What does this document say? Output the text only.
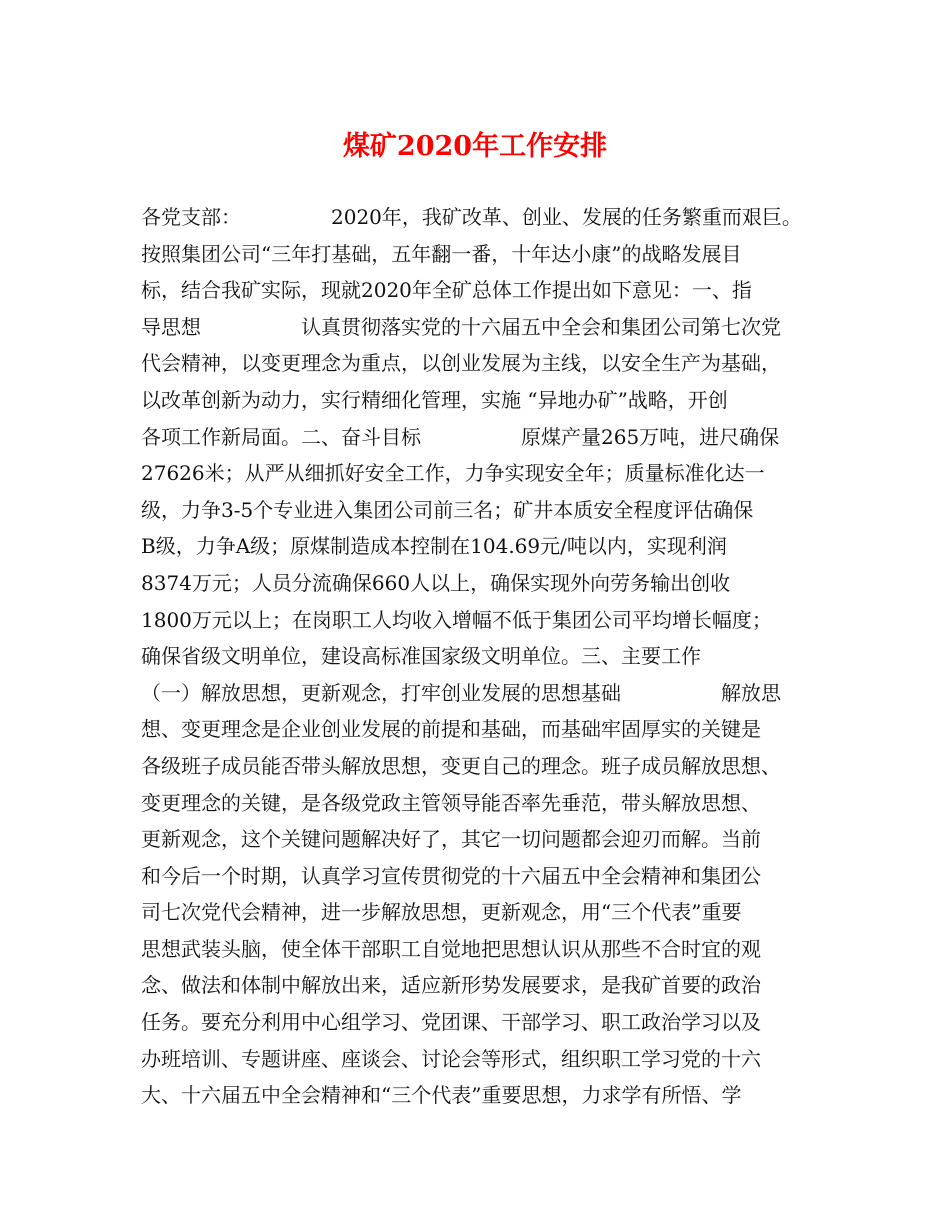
煤矿2020年工作安排
各党支部：　　　　　2020年，我矿改革、创业、发展的任务繁重而艰巨。
按照集团公司“三年打基础，五年翻一番，十年达小康”的战略发展目
标，结合我矿实际，现就2020年全矿总体工作提出如下意见：一、指
导思想　　　　　认真贯彻落实党的十六届五中全会和集团公司第七次党
代会精神，以变更理念为重点，以创业发展为主线，以安全生产为基础，
以改革创新为动力，实行精细化管理，实施 “异地办矿”战略，开创
各项工作新局面。二、奋斗目标　　　　　原煤产量265万吨，进尺确保
27626米；从严从细抓好安全工作，力争实现安全年；质量标准化达一
级，力争3-5个专业进入集团公司前三名；矿井本质安全程度评估确保
B级，力争A级；原煤制造成本控制在104.69元/吨以内，实现利润
8374万元；人员分流确保660人以上，确保实现外向劳务输出创收
1800万元以上；在岗职工人均收入增幅不低于集团公司平均增长幅度；
确保省级文明单位，建设高标准国家级文明单位。三、主要工作
（一）解放思想，更新观念，打牢创业发展的思想基础　　　　　解放思
想、变更理念是企业创业发展的前提和基础，而基础牢固厚实的关键是
各级班子成员能否带头解放思想，变更自己的理念。班子成员解放思想、
变更理念的关键，是各级党政主管领导能否率先垂范，带头解放思想、
更新观念，这个关键问题解决好了，其它一切问题都会迎刃而解。当前
和今后一个时期，认真学习宣传贯彻党的十六届五中全会精神和集团公
司七次党代会精神，进一步解放思想，更新观念，用“三个代表”重要
思想武装头脑，使全体干部职工自觉地把思想认识从那些不合时宜的观
念、做法和体制中解放出来，适应新形势发展要求，是我矿首要的政治
任务。要充分利用中心组学习、党团课、干部学习、职工政治学习以及
办班培训、专题讲座、座谈会、讨论会等形式，组织职工学习党的十六
大、十六届五中全会精神和“三个代表”重要思想，力求学有所悟、学
